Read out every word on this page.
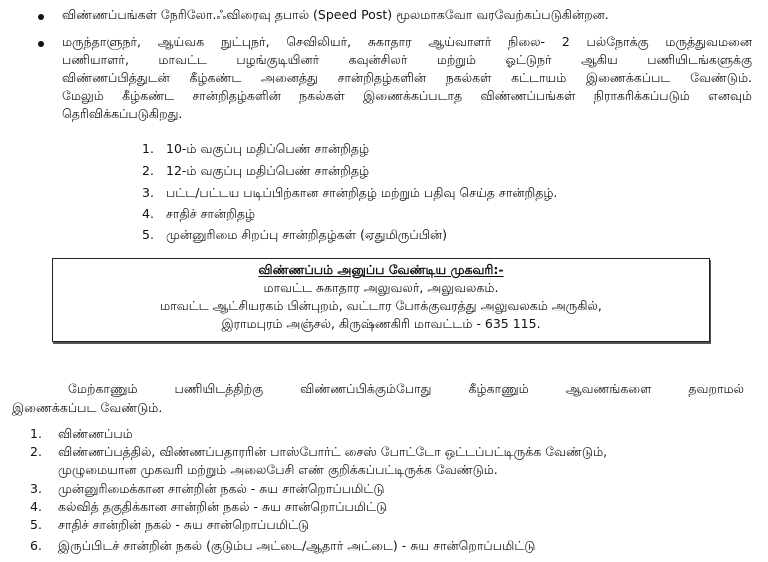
விண்ணப்பங்கள் நேரிலோ.ஃவிரைவு தபால் (Speed Post) மூலமாகவோ வரவேற்கப்படுகின்றன.
மருந்தாளுநர், ஆய்வக நுட்புநர், செவிலியர், சுகாதார ஆய்வாளர் நிலை- 2 பல்நோக்கு மருத்துவமனை
பணியாளர், மாவட்ட பழங்குடியினர் கவுன்சிலர் மற்றும் ஓட்டுநர் ஆகிய பணியிடங்களுக்கு
விண்ணப்பித்துடன் கீழ்கண்ட அனைத்து சான்றிதழ்களின் நகல்கள் கட்டாயம் இணைக்கப்பட வேண்டும்.
மேலும் கீழ்கண்ட சான்றிதழ்களின் நகல்கள் இணைக்கப்படாத விண்ணப்பங்கள் நிராகரிக்கப்படும் எனவும்
தெரிவிக்கப்படுகிறது.
1. 10-ம் வகுப்பு மதிப்பெண் சான்றிதழ்
2. 12-ம் வகுப்பு மதிப்பெண் சான்றிதழ்
3. பட்ட/பட்டய படிப்பிற்கான சான்றிதழ் மற்றும் பதிவு செய்த சான்றிதழ்.
4. சாதிச் சான்றிதழ்
5. முன்னுரிமை சிறப்பு சான்றிதழ்கள் (ஏதுமிருப்பின்)
விண்ணப்பம் அனுப்ப வேண்டிய முகவரி:-
மாவட்ட சுகாதார அலுவலர், அலுவலகம்.
மாவட்ட ஆட்சியரகம் பின்புறம், வட்டார போக்குவரத்து அலுவலகம் அருகில்,
இராமபுரம் அஞ்சல், கிருஷ்ணகிரி மாவட்டம் - 635 115.
மேற்காணும் பணியிடத்திற்கு விண்ணப்பிக்கும்போது கீழ்காணும் ஆவணங்களை தவறாமல்
இணைக்கப்பட வேண்டும்.
1. விண்ணப்பம்
2. விண்ணப்பத்தில், விண்ணப்பதாரரின் பாஸ்போர்ட் சைஸ் போட்டோ ஒட்டப்பட்டிருக்க வேண்டும்,
முழுமையான முகவரி மற்றும் அலைபேசி எண் குறிக்கப்பட்டிருக்க வேண்டும்.
3. முன்னுரிமைக்கான சான்றின் நகல் - சுய சான்றொப்பமிட்டு
4. கல்வித் தகுதிக்கான சான்றின் நகல் - சுய சான்றொப்பமிட்டு
5. சாதிச் சான்றின் நகல் - சுய சான்றொப்பமிட்டு
6. இருப்பிடச் சான்றின் நகல் (குடும்ப அட்டை/ஆதார் அட்டை) - சுய சான்றொப்பமிட்டு
